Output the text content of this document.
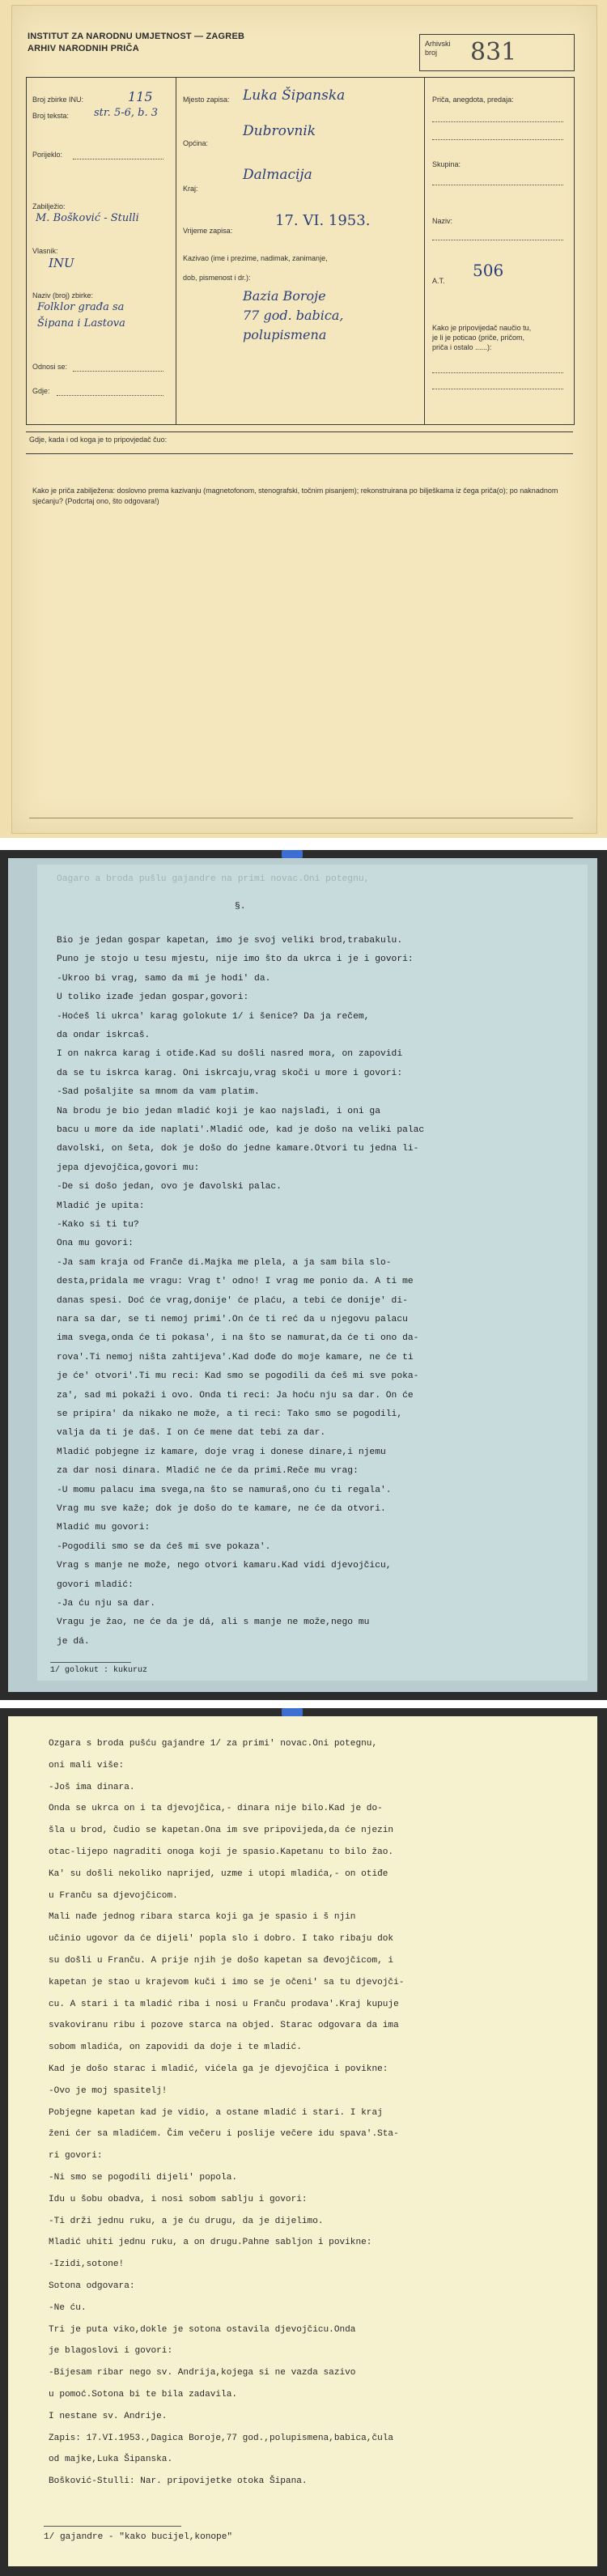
INSTITUT ZA NARODNU UMJETNOST — ZAGREB
ARHIV NARODNIH PRIČA	Arhivski broj	831
Broj zbirke INU:	115
Broj teksta: str. 5-6, b. 3
Porijeklo:
Zabilježio:
M. Bošković - Stulli
Vlasnik:
INU
Naziv (broj) zbirke:
Folklor građa sa
Šipana i Lastova
Odnosi se:
Gdje:
Mjesto zapisa: Luka Šipanska
Općina:
Dubrovnik
Kraj:
Dalmacija
Vrijeme zapisa:
17. VI. 1953.
Kazivao (ime i prezime, nadimak, zanimanje,
dob, pismenost i dr.):
Bazia Boroje
77 god. babica,
polupismena
Priča, anegdota, predaja:
Skupina:
Naziv:
A.T.
506
Kako je pripovijedač naučio tu,
je li je poticao (priče, pričom,
priča i ostalo ......):
Gdje, kada i od koga je to pripovjedač čuo:
Kako je priča zabilježena: doslovno prema kazivanju (magnetofonom, stenografski, točnim pisanjem); rekonstruirana po bilješkama iz čega priča(o); po naknadnom sjećanju? (Podcrtaj ono, što odgovara!)
Oagaro a broda pušlu gajandre na primi novac.Oni potegnu,
§.
Bio je jedan gospar kapetan, imo je svoj veliki brod,trabakulu.
Puno je stojo u tesu mjestu, nije imo što da ukrca i je i govori:
-Ukroo bi vrag, samo da mi je hodi' da.
U toliko izađe jedan gospar,govori:
-Hoćeš li ukrca' karag golokute 1/ i šenice? Da ja rečem,
da ondar iskrcaš.
I on nakrca karag i otiđe.Kad su došli nasred mora, on zapovidi
da se tu iskrca karag. Oni iskrcaju,vrag skoči u more i govori:
-Sad pošaljite sa mnom da vam platim.
Na brodu je bio jedan mladić koji je kao najslađi, i oni ga
bacu u more da ide naplati'.Mladić ode, kad je došo na veliki palac
davolski, on šeta, dok je došo do jedne kamare.Otvori tu jedna li-
jepa djevojčica,govori mu:
-De si došo jedan, ovo je đavolski palac.
Mladić je upita:
-Kako si ti tu?
Ona mu govori:
-Ja sam kraja od Franče di.Majka me plela, a ja sam bila slo-
desta,pridala me vragu: Vrag t' odno! I vrag me ponio da. A ti me
danas spesi. Doć će vrag,donije' će plaću, a tebi će donije' di-
nara sa dar, se ti nemoj primi'.On će ti reć da u njegovu palacu
ima svega,onda će ti pokasa', i na što se namurat,da će ti ono da-
rova'.Ti nemoj ništa zahtijeva'.Kad dođe do moje kamare, ne će ti
je će' otvori'.Ti mu reci: Kad smo se pogodili da ćeš mi sve poka-
za', sad mi pokaži i ovo. Onda ti reci: Ja hoću nju sa dar. On će
se pripira' da nikako ne može, a ti reci: Tako smo se pogodili,
valja da ti je daš. I on će mene dat tebi za dar.
Mladić pobjegne iz kamare, doje vrag i donese dinare,i njemu
za dar nosi dinara. Mladić ne će da primi.Reče mu vrag:
-U momu palacu ima svega,na što se namuraš,ono ću ti regala'.
Vrag mu sve kaže; dok je došo do te kamare, ne će da otvori.
Mladić mu govori:
-Pogodili smo se da ćeš mi sve pokaza'.
Vrag s manje ne može, nego otvori kamaru.Kad vidi djevojčicu,
govori mladić:
-Ja ću nju sa dar.
Vragu je žao, ne će da je dá, ali s manje ne može,nego mu
je dá.
1/ golokut : kukuruz
Ozgara s broda pušću gajandre 1/ za primi' novac.Oni potegnu,
oni mali više:
-Još ima dinara.
Onda se ukrca on i ta djevojčica,- dinara nije bilo.Kad je do-
šla u brod, čudio se kapetan.Ona im sve pripovijeda,da će njezin
otac-lijepo nagraditi onoga koji je spasio.Kapetanu to bilo žao.
Ka' su došli nekoliko naprijed, uzme i utopi mladića,- on otiđe
u Franču sa djevojčicom.
Mali nađe jednog ribara starca koji ga je spasio i š njin
učinio ugovor da će dijeli' popla slo i dobro. I tako ribaju dok
su došli u Franču. A prije njih je došo kapetan sa đevojčicom, i
kapetan je stao u krajevom kuči i imo se je očeni' sa tu djevojči-
cu. A stari i ta mladić riba i nosi u Franču prodava'.Kraj kupuje
svakoviranu ribu i pozove starca na objed. Starac odgovara da ima
sobom mladića, on zapovidi da doje i te mladić.
Kad je došo starac i mladić, vićela ga je djevojčica i povikne:
-Ovo je moj spasitelj!
Pobjegne kapetan kad je vidio, a ostane mladić i stari. I kraj
ženi ćer sa mladićem. Čim večeru i poslije večere idu spava'.Sta-
ri govori:
-Ni smo se pogodili dijeli' popola.
Idu u šobu obadva, i nosi sobom sablju i govori:
-Ti drži jednu ruku, a je ću drugu, da je dijelimo.
Mladić uhiti jednu ruku, a on drugu.Pahne sabljon i povikne:
-Izidi,sotone!
Sotona odgovara:
-Ne ću.
Tri je puta viko,dokle je sotona ostavila djevojčicu.Onda
je blagoslovi i govori:
-Bijesam ribar nego sv. Andrija,kojega si ne vazda sazivo
u pomoć.Sotona bi te bila zadavila.
I nestane sv. Andrije.
Zapis: 17.VI.1953.,Dagica Boroje,77 god.,polupismena,babica,čula
od majke,Luka Šipanska.
Bošković-Stulli: Nar. pripovijetke otoka Šipana.
1/ gajandre - "kako bucijel,konope"
